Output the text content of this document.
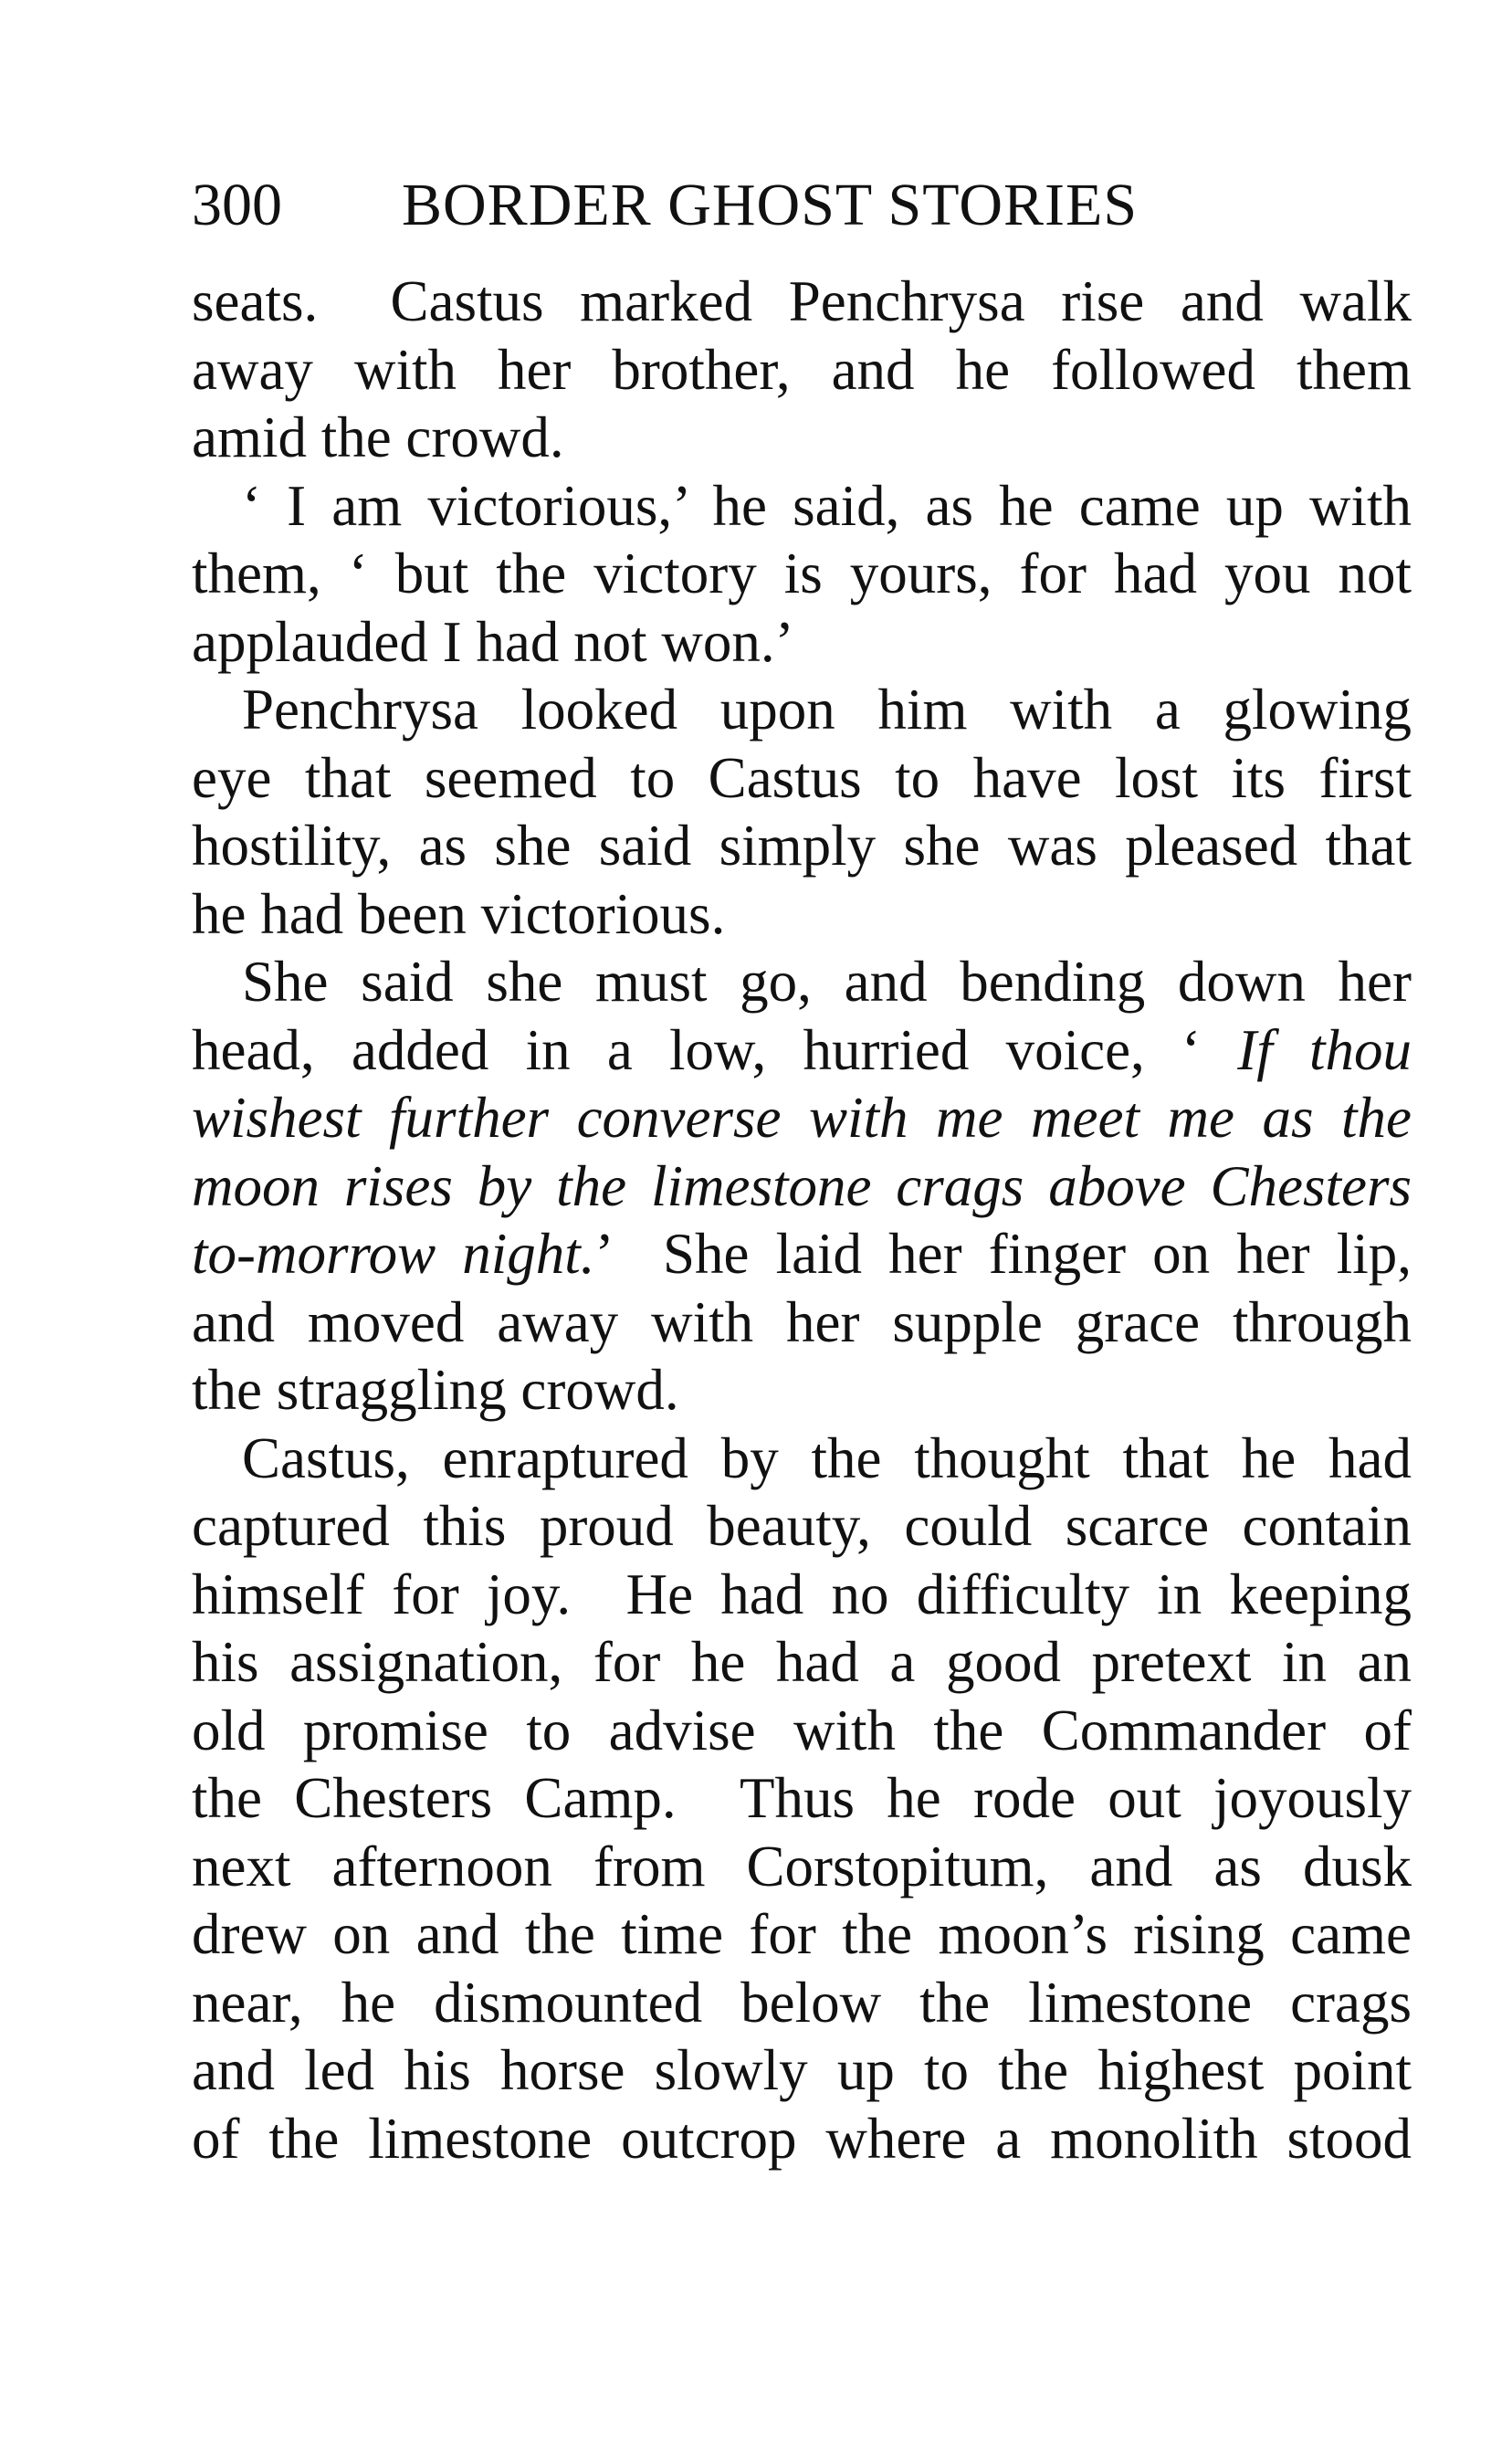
300 BORDER GHOST STORIES
seats.  Castus marked Penchrysa rise and walk
away with her brother, and he followed them
amid the crowd.
‘ I am victorious,’ he said, as he came up with
them, ‘ but the victory is yours, for had you not
applauded I had not won.’
Penchrysa looked upon him with a glowing
eye that seemed to Castus to have lost its first
hostility, as she said simply she was pleased that
he had been victorious.
She said she must go, and bending down her
head, added in a low, hurried voice, ‘ If thou
wishest further converse with me meet me as the
moon rises by the limestone crags above Chesters
to-morrow night.’  She laid her finger on her lip,
and moved away with her supple grace through
the straggling crowd.
Castus, enraptured by the thought that he had
captured this proud beauty, could scarce contain
himself for joy.  He had no difficulty in keeping
his assignation, for he had a good pretext in an
old promise to advise with the Commander of
the Chesters Camp.  Thus he rode out joyously
next afternoon from Corstopitum, and as dusk
drew on and the time for the moon’s rising came
near, he dismounted below the limestone crags
and led his horse slowly up to the highest point
of the limestone outcrop where a monolith stood
